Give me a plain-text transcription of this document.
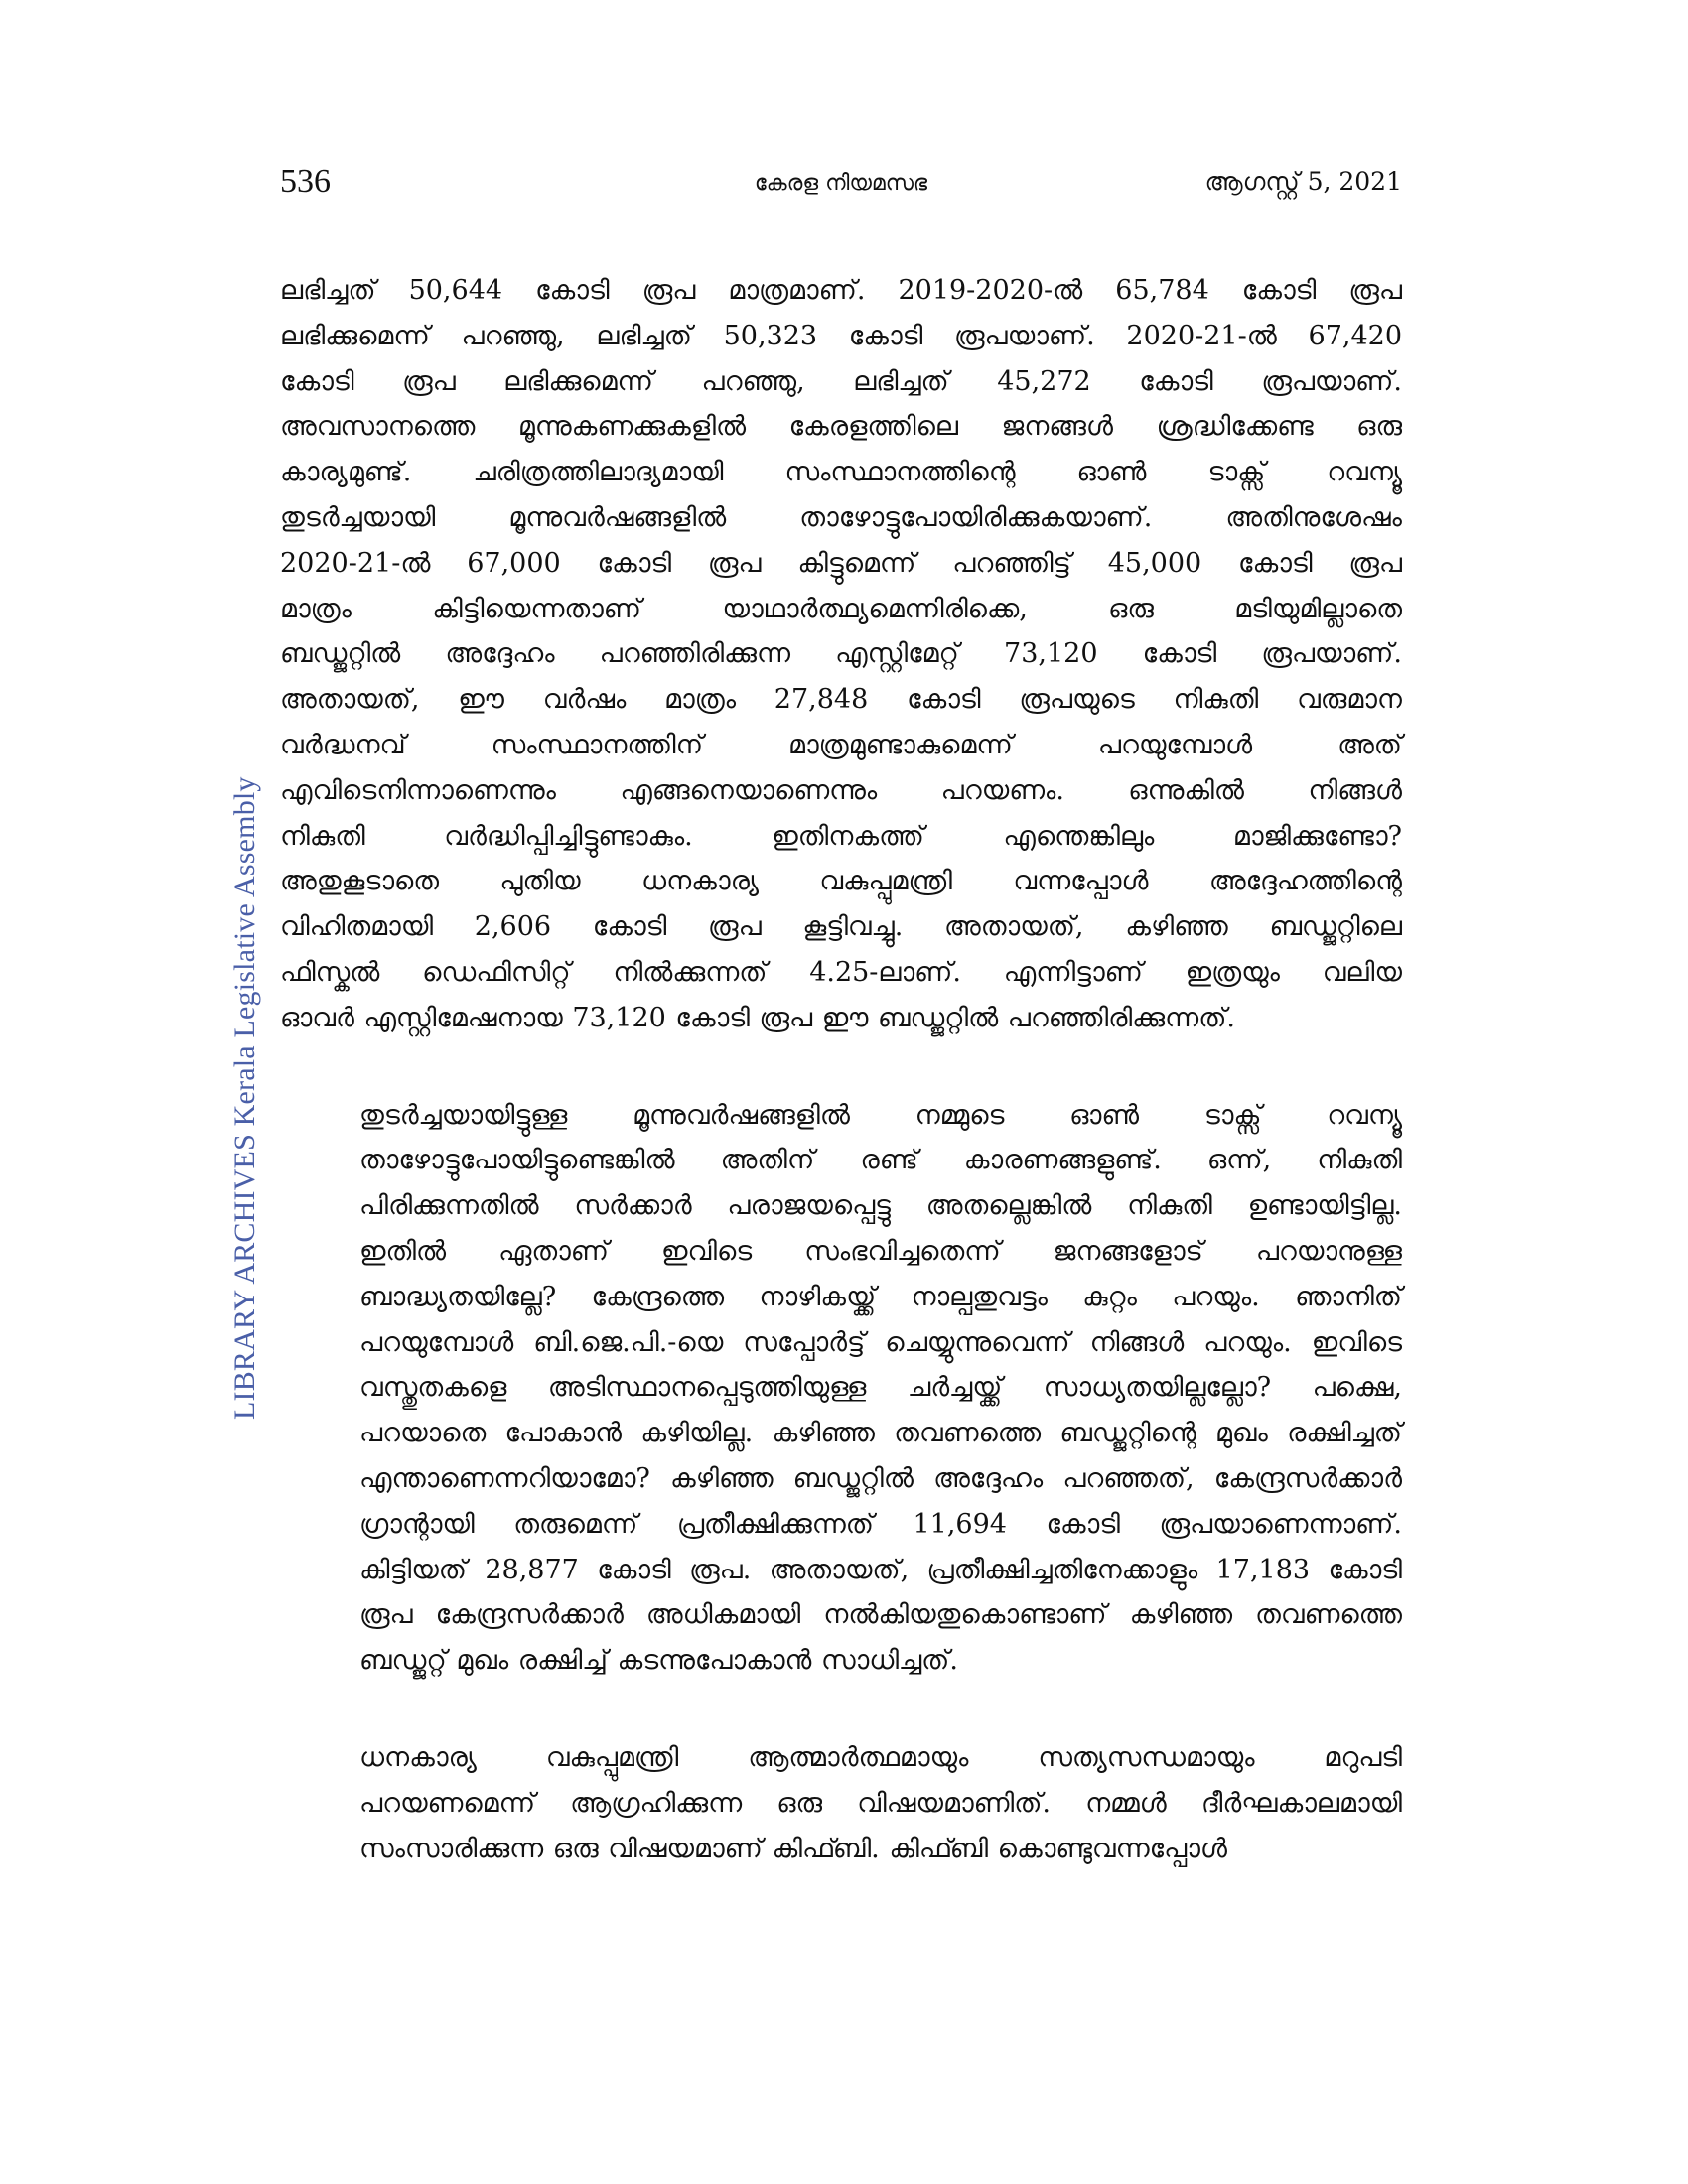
536	കേരള നിയമസഭ	ആഗസ്റ്റ് 5, 2021
LIBRARY ARCHIVES Kerala Legislative Assembly

ലഭിച്ചത് 50,644 കോടി രൂപ മാത്രമാണ്. 2019-2020-ൽ 65,784 കോടി രൂപ
ലഭിക്കുമെന്ന് പറഞ്ഞു, ലഭിച്ചത് 50,323 കോടി രൂപയാണ്. 2020-21-ൽ 67,420
കോടി രൂപ ലഭിക്കുമെന്ന് പറഞ്ഞു, ലഭിച്ചത് 45,272 കോടി രൂപയാണ്.
അവസാനത്തെ മൂന്നുകണക്കുകളിൽ കേരളത്തിലെ ജനങ്ങൾ ശ്രദ്ധിക്കേണ്ട ഒരു
കാര്യമുണ്ട്. ചരിത്രത്തിലാദ്യമായി സംസ്ഥാനത്തിന്റെ ഓൺ ടാക്സ് റവന്യൂ
തുടർച്ചയായി മൂന്നുവർഷങ്ങളിൽ താഴോട്ടുപോയിരിക്കുകയാണ്. അതിനുശേഷം
2020-21-ൽ 67,000 കോടി രൂപ കിട്ടുമെന്ന് പറഞ്ഞിട്ട് 45,000 കോടി രൂപ
മാത്രം കിട്ടിയെന്നതാണ് യാഥാർത്ഥ്യമെന്നിരിക്കെ, ഒരു മടിയുമില്ലാതെ
ബഡ്ജറ്റിൽ അദ്ദേഹം പറഞ്ഞിരിക്കുന്ന എസ്റ്റിമേറ്റ് 73,120 കോടി രൂപയാണ്.
അതായത്, ഈ വർഷം മാത്രം 27,848 കോടി രൂപയുടെ നികുതി വരുമാന
വർദ്ധനവ് സംസ്ഥാനത്തിന് മാത്രമുണ്ടാകുമെന്ന് പറയുമ്പോൾ അത്
എവിടെനിന്നാണെന്നും എങ്ങനെയാണെന്നും പറയണം. ഒന്നുകിൽ നിങ്ങൾ
നികുതി വർദ്ധിപ്പിച്ചിട്ടുണ്ടാകും. ഇതിനകത്ത് എന്തെങ്കിലും മാജിക്കുണ്ടോ?
അതുകൂടാതെ പുതിയ ധനകാര്യ വകുപ്പുമന്ത്രി വന്നപ്പോൾ അദ്ദേഹത്തിന്റെ
വിഹിതമായി 2,606 കോടി രൂപ കൂട്ടിവച്ചു. അതായത്, കഴിഞ്ഞ ബഡ്ജറ്റിലെ
ഫിസ്കൽ ഡെഫിസിറ്റ് നിൽക്കുന്നത് 4.25-ലാണ്. എന്നിട്ടാണ് ഇത്രയും വലിയ
ഓവർ എസ്റ്റിമേഷനായ 73,120 കോടി രൂപ ഈ ബഡ്ജറ്റിൽ പറഞ്ഞിരിക്കുന്നത്.

തുടർച്ചയായിട്ടുള്ള മൂന്നുവർഷങ്ങളിൽ നമ്മുടെ ഓൺ ടാക്സ് റവന്യൂ
താഴോട്ടുപോയിട്ടുണ്ടെങ്കിൽ അതിന് രണ്ട് കാരണങ്ങളുണ്ട്. ഒന്ന്, നികുതി
പിരിക്കുന്നതിൽ സർക്കാർ പരാജയപ്പെട്ടു അതല്ലെങ്കിൽ നികുതി ഉണ്ടായിട്ടില്ല.
ഇതിൽ ഏതാണ് ഇവിടെ സംഭവിച്ചതെന്ന് ജനങ്ങളോട് പറയാനുള്ള
ബാദ്ധ്യതയില്ലേ? കേന്ദ്രത്തെ നാഴികയ്ക്ക് നാല്പതുവട്ടം കുറ്റം പറയും. ഞാനിത്
പറയുമ്പോൾ ബി.ജെ.പി.-യെ സപ്പോർട്ട് ചെയ്യുന്നുവെന്ന് നിങ്ങൾ പറയും. ഇവിടെ
വസ്തുതകളെ അടിസ്ഥാനപ്പെടുത്തിയുള്ള ചർച്ചയ്ക്ക് സാധ്യതയില്ലല്ലോ? പക്ഷെ,
പറയാതെ പോകാൻ കഴിയില്ല. കഴിഞ്ഞ തവണത്തെ ബഡ്ജറ്റിന്റെ മുഖം രക്ഷിച്ചത്
എന്താണെന്നറിയാമോ? കഴിഞ്ഞ ബഡ്ജറ്റിൽ അദ്ദേഹം പറഞ്ഞത്, കേന്ദ്രസർക്കാർ
ഗ്രാന്റായി തരുമെന്ന് പ്രതീക്ഷിക്കുന്നത് 11,694 കോടി രൂപയാണെന്നാണ്.
കിട്ടിയത് 28,877 കോടി രൂപ. അതായത്, പ്രതീക്ഷിച്ചതിനേക്കാളും 17,183 കോടി
രൂപ കേന്ദ്രസർക്കാർ അധികമായി നൽകിയതുകൊണ്ടാണ് കഴിഞ്ഞ തവണത്തെ
ബഡ്ജറ്റ് മുഖം രക്ഷിച്ച് കടന്നുപോകാൻ സാധിച്ചത്.

ധനകാര്യ വകുപ്പുമന്ത്രി ആത്മാർത്ഥമായും സത്യസന്ധമായും മറുപടി
പറയണമെന്ന് ആഗ്രഹിക്കുന്ന ഒരു വിഷയമാണിത്. നമ്മൾ ദീർഘകാലമായി
സംസാരിക്കുന്ന ഒരു വിഷയമാണ് കിഫ്ബി. കിഫ്ബി കൊണ്ടുവന്നപ്പോൾ
